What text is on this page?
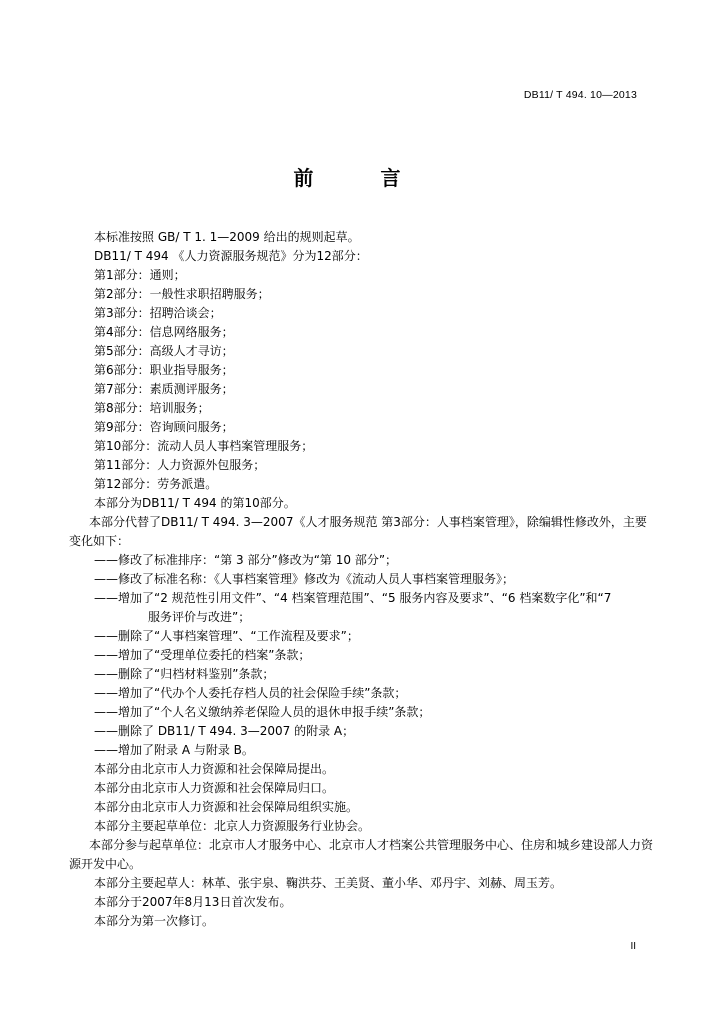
DB11/ T 494. 10—2013
前 言

本标准按照 GB/ T 1. 1—2009 给出的规则起草。

DB11/ T 494 《人力资源服务规范》分为12部分：

第1部分：通则；

第2部分：一般性求职招聘服务；

第3部分：招聘洽谈会；

第4部分：信息网络服务；

第5部分：高级人才寻访；

第6部分：职业指导服务；

第7部分：素质测评服务；

第8部分：培训服务；

第9部分：咨询顾问服务；

第10部分：流动人员人事档案管理服务；

第11部分：人力资源外包服务；

第12部分：劳务派遣。

本部分为DB11/ T 494 的第10部分。

本部分代替了DB11/ T 494. 3—2007《人才服务规范 第3部分：人事档案管理》，除编辑性修改外，主要变化如下：

——修改了标准排序：“第 3 部分”修改为“第 10 部分”；

——修改了标准名称：《人事档案管理》修改为《流动人员人事档案管理服务》；

——增加了“2 规范性引用文件”、“4 档案管理范围”、“5 服务内容及要求”、“6 档案数字化”和“7

服务评价与改进”；

——删除了“人事档案管理”、“工作流程及要求”；

——增加了“受理单位委托的档案”条款；

——删除了“归档材料鉴别”条款；

——增加了“代办个人委托存档人员的社会保险手续”条款；

——增加了“个人名义缴纳养老保险人员的退休申报手续”条款；

——删除了 DB11/ T 494. 3—2007 的附录 A；

——增加了附录 A 与附录 B。

本部分由北京市人力资源和社会保障局提出。

本部分由北京市人力资源和社会保障局归口。

本部分由北京市人力资源和社会保障局组织实施。

本部分主要起草单位：北京人力资源服务行业协会。

本部分参与起草单位：北京市人才服务中心、北京市人才档案公共管理服务中心、住房和城乡建设部人力资源开发中心。

本部分主要起草人：林革、张宇泉、鞠洪芬、王美贤、董小华、邓丹宇、刘赫、周玉芳。

本部分于2007年8月13日首次发布。

本部分为第一次修订。

II
